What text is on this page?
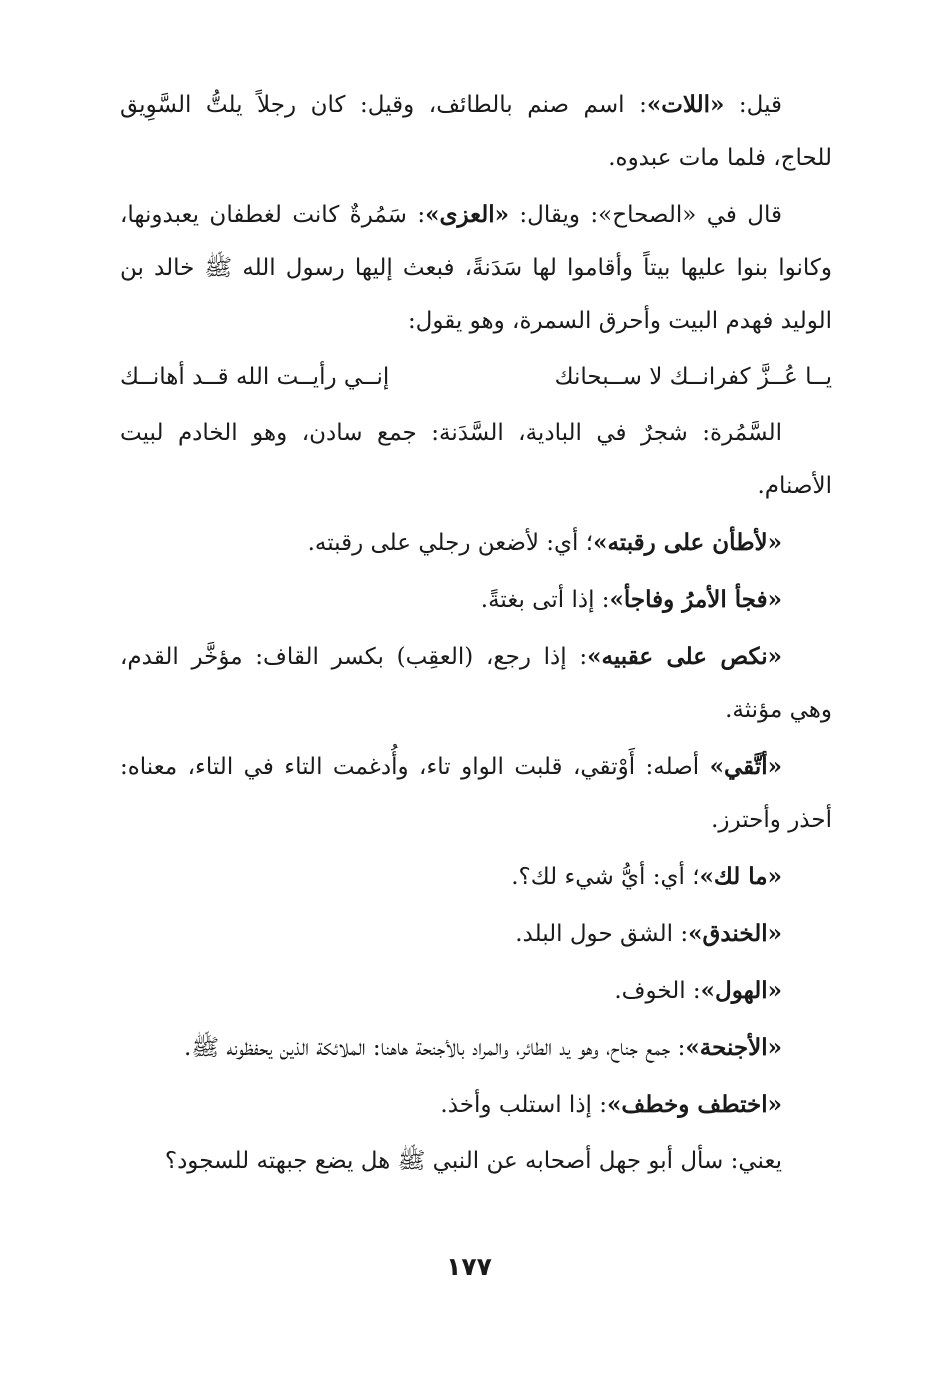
قيل: «اللات»: اسم صنم بالطائف، وقيل: كان رجلاً يلتُّ السَّوِيق للحاج، فلما مات عبدوه.

قال في «الصحاح»: ويقال: «العزى»: سَمُرةٌ كانت لغطفان يعبدونها، وكانوا بنوا عليها بيتاً وأقاموا لها سَدَنةً، فبعث إليها رسول الله ﷺ خالد بن الوليد فهدم البيت وأحرق السمرة، وهو يقول:

يــا عُــزَّ كفرانــك لا ســبحانك
إنــي رأيــت الله قــد أهانــك

السَّمُرة: شجرٌ في البادية، السَّدَنة: جمع سادن، وهو الخادم لبيت الأصنام.

«لأطأن على رقبته»؛ أي: لأضعن رجلي على رقبته.

«فجأ الأمرُ وفاجأ»: إذا أتى بغتةً.

«نكص على عقبيه»: إذا رجع، (العقِب) بكسر القاف: مؤخَّر القدم، وهي مؤنثة.

«أتَّقي» أصله: أَوْتقي، قلبت الواو تاء، وأُدغمت التاء في التاء، معناه: أحذر وأحترز.

«ما لك»؛ أي: أيُّ شيء لك؟.

«الخندق»: الشق حول البلد.

«الهول»: الخوف.

«الأجنحة»: جمع جناح، وهو يد الطائر، والمراد بالأجنحة هاهنا: الملائكة الذين يحفظونه ﷺ.

«اختطف وخطف»: إذا استلب وأخذ.

يعني: سأل أبو جهل أصحابه عن النبي ﷺ هل يضع جبهته للسجود؟

١٧٧
